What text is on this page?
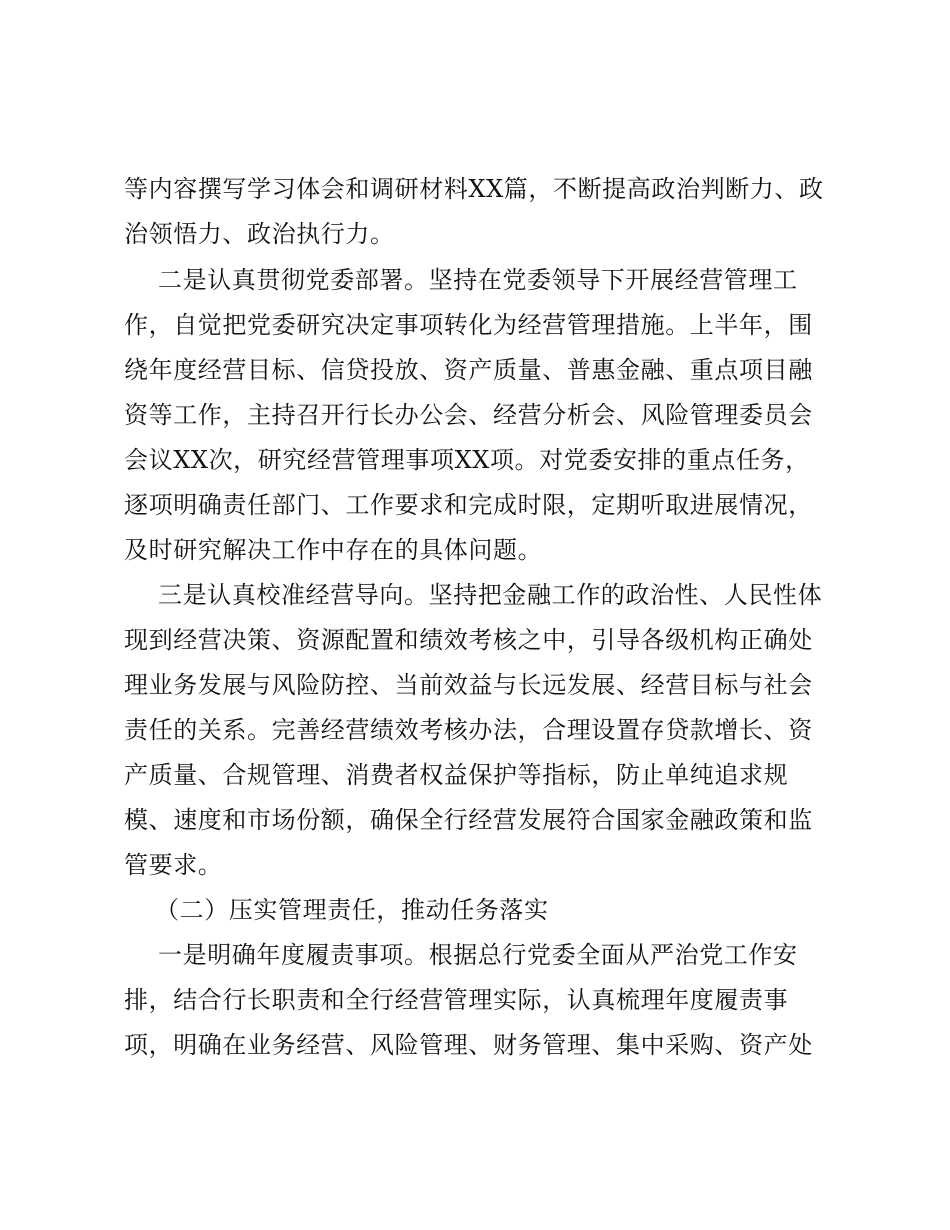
等内容撰写学习体会和调研材料XX篇，不断提高政治判断力、政
治领悟力、政治执行力。
二是认真贯彻党委部署。坚持在党委领导下开展经营管理工
作，自觉把党委研究决定事项转化为经营管理措施。上半年，围
绕年度经营目标、信贷投放、资产质量、普惠金融、重点项目融
资等工作，主持召开行长办公会、经营分析会、风险管理委员会
会议XX次，研究经营管理事项XX项。对党委安排的重点任务，
逐项明确责任部门、工作要求和完成时限，定期听取进展情况，
及时研究解决工作中存在的具体问题。
三是认真校准经营导向。坚持把金融工作的政治性、人民性体
现到经营决策、资源配置和绩效考核之中，引导各级机构正确处
理业务发展与风险防控、当前效益与长远发展、经营目标与社会
责任的关系。完善经营绩效考核办法，合理设置存贷款增长、资
产质量、合规管理、消费者权益保护等指标，防止单纯追求规
模、速度和市场份额，确保全行经营发展符合国家金融政策和监
管要求。
（二）压实管理责任，推动任务落实
一是明确年度履责事项。根据总行党委全面从严治党工作安
排，结合行长职责和全行经营管理实际，认真梳理年度履责事
项，明确在业务经营、风险管理、财务管理、集中采购、资产处
